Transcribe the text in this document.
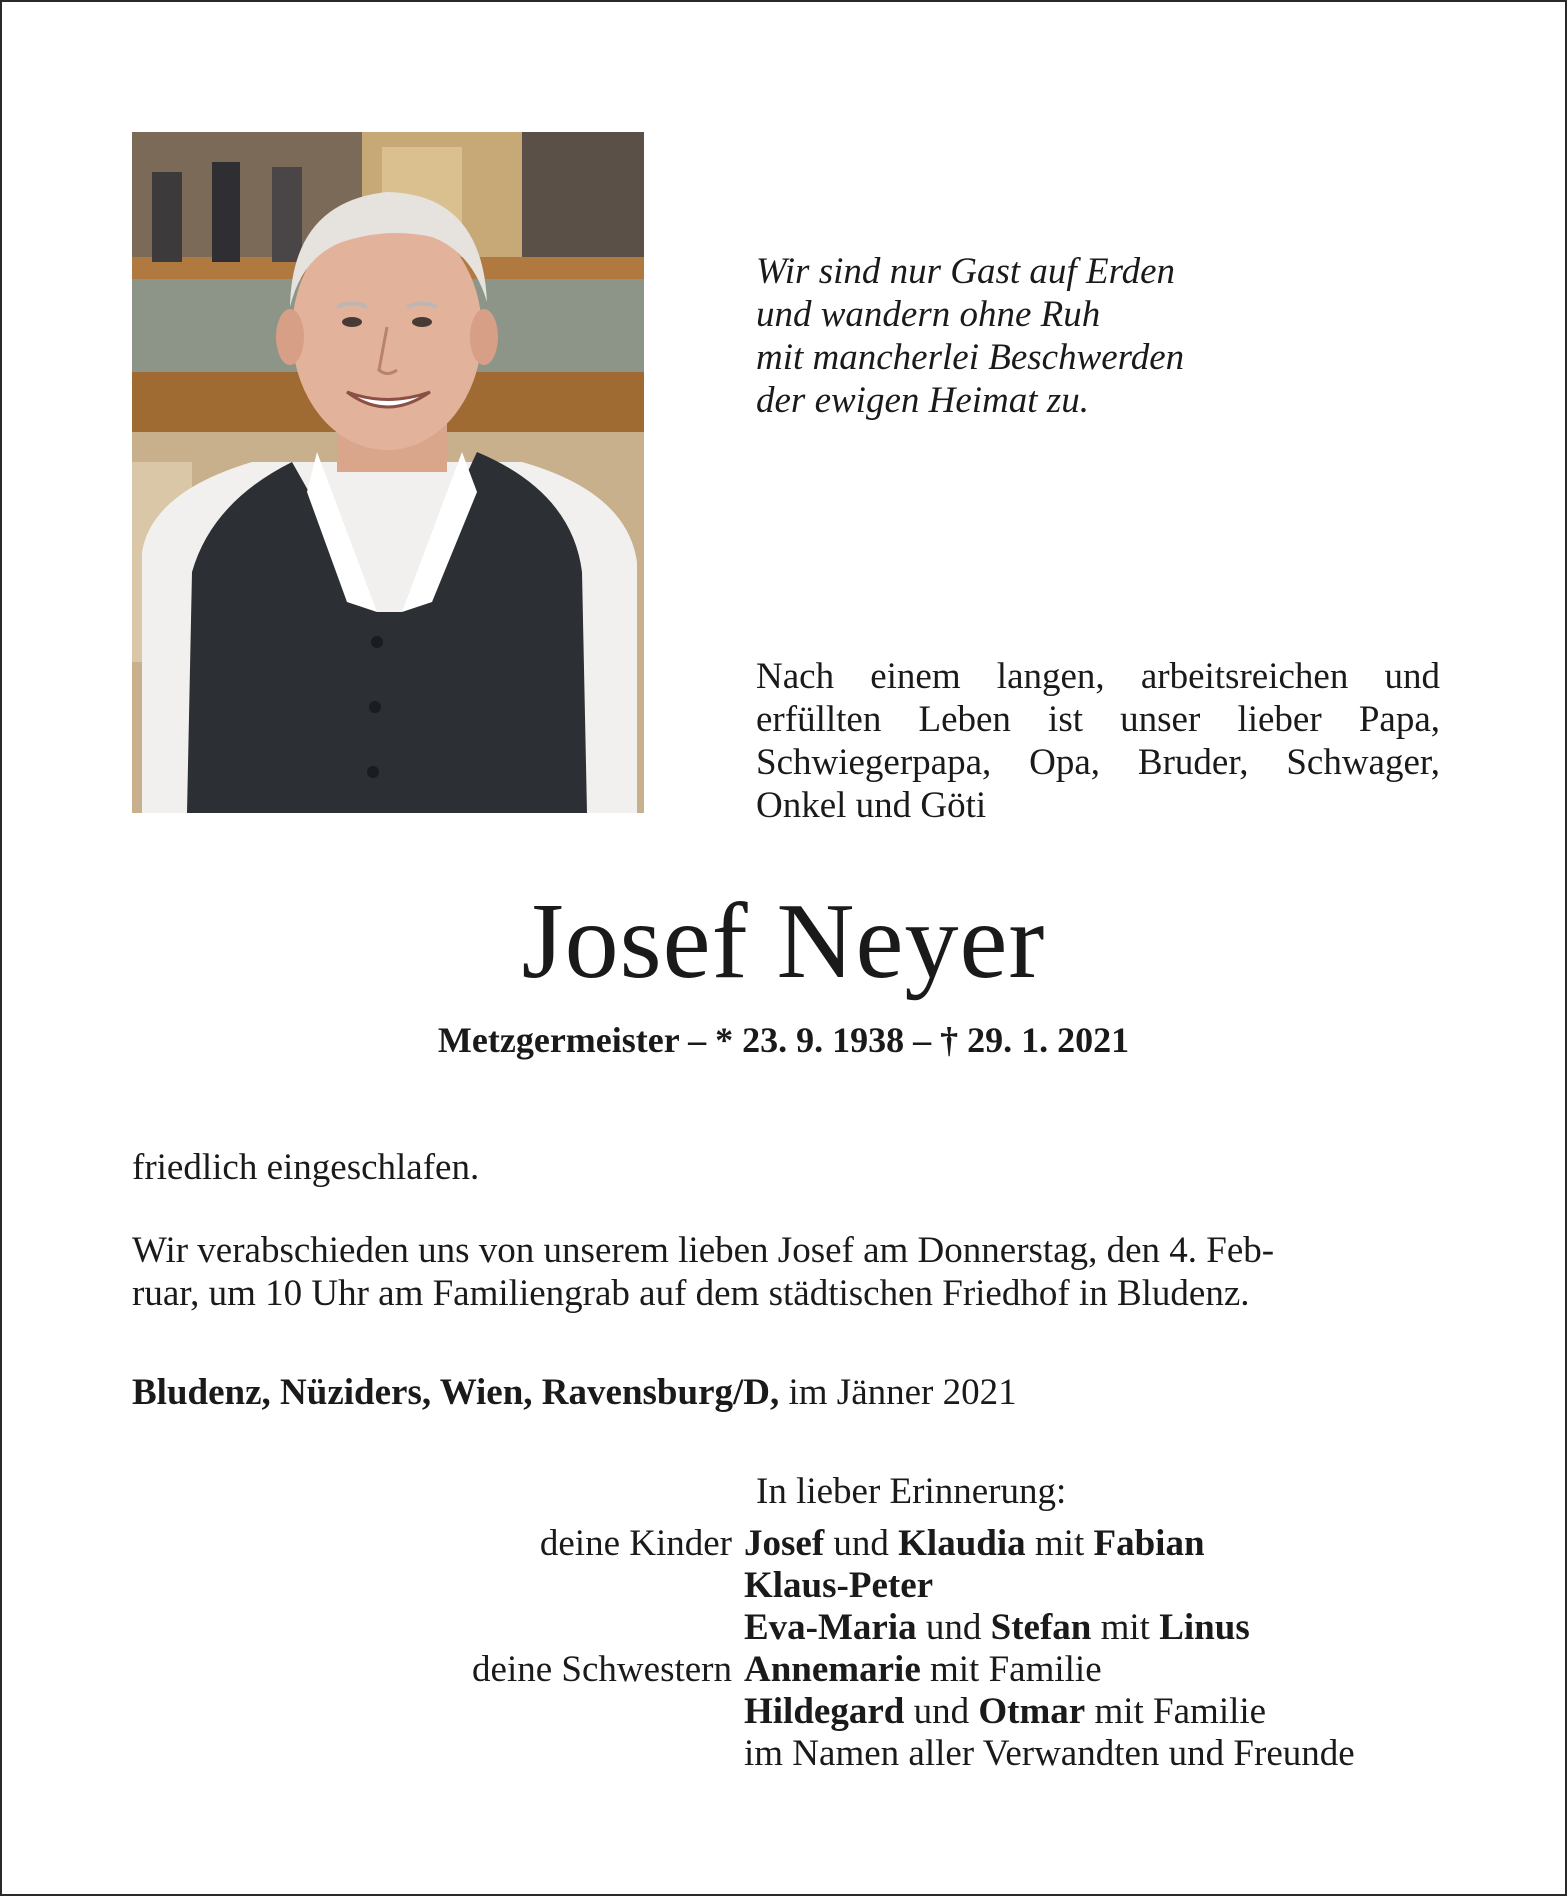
Wir sind nur Gast auf Erden
und wandern ohne Ruh
mit mancherlei Beschwerden
der ewigen Heimat zu.
Nach einem langen, arbeitsreichen und erfüllten Leben ist unser lieber Papa, Schwiegerpapa, Opa, Bruder, Schwager, Onkel und Göti
Josef Neyer
Metzgermeister – * 23. 9. 1938 – † 29. 1. 2021
friedlich eingeschlafen.
Wir verabschieden uns von unserem lieben Josef am Donnerstag, den 4. Feb-
ruar, um 10 Uhr am Familiengrab auf dem städtischen Friedhof in Bludenz.
Bludenz, Nüziders, Wien, Ravensburg/D, im Jänner 2021
In lieber Erinnerung:
deine Kinder Josef und Klaudia mit Fabian
Klaus-Peter
Eva-Maria und Stefan mit Linus
deine Schwestern Annemarie mit Familie
Hildegard und Otmar mit Familie
im Namen aller Verwandten und Freunde
